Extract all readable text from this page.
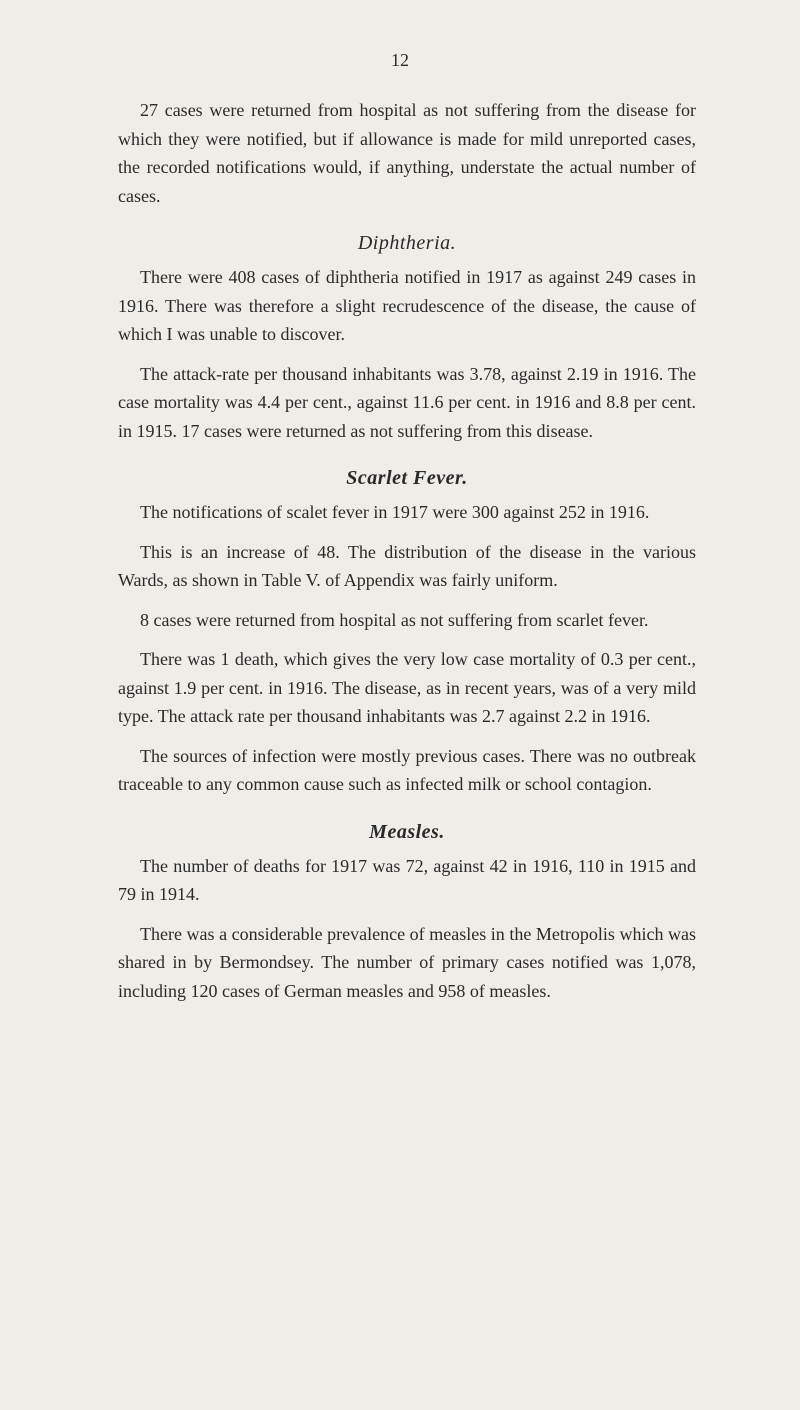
12

27 cases were returned from hospital as not suffering from the disease for which they were notified, but if allowance is made for mild unreported cases, the recorded notifications would, if anything, understate the actual number of cases.

Diphtheria.

There were 408 cases of diphtheria notified in 1917 as against 249 cases in 1916. There was therefore a slight recrudescence of the disease, the cause of which I was unable to discover.

The attack-rate per thousand inhabitants was 3.78, against 2.19 in 1916. The case mortality was 4.4 per cent., against 11.6 per cent. in 1916 and 8.8 per cent. in 1915. 17 cases were returned as not suffering from this disease.

Scarlet Fever.

The notifications of scalet fever in 1917 were 300 against 252 in 1916.

This is an increase of 48. The distribution of the disease in the various Wards, as shown in Table V. of Appendix was fairly uniform.

8 cases were returned from hospital as not suffering from scarlet fever.

There was 1 death, which gives the very low case mortality of 0.3 per cent., against 1.9 per cent. in 1916. The disease, as in recent years, was of a very mild type. The attack rate per thousand inhabitants was 2.7 against 2.2 in 1916.

The sources of infection were mostly previous cases. There was no outbreak traceable to any common cause such as infected milk or school contagion.

Measles.

The number of deaths for 1917 was 72, against 42 in 1916, 110 in 1915 and 79 in 1914.

There was a considerable prevalence of measles in the Metropolis which was shared in by Bermondsey. The number of primary cases notified was 1,078, including 120 cases of German measles and 958 of measles.
